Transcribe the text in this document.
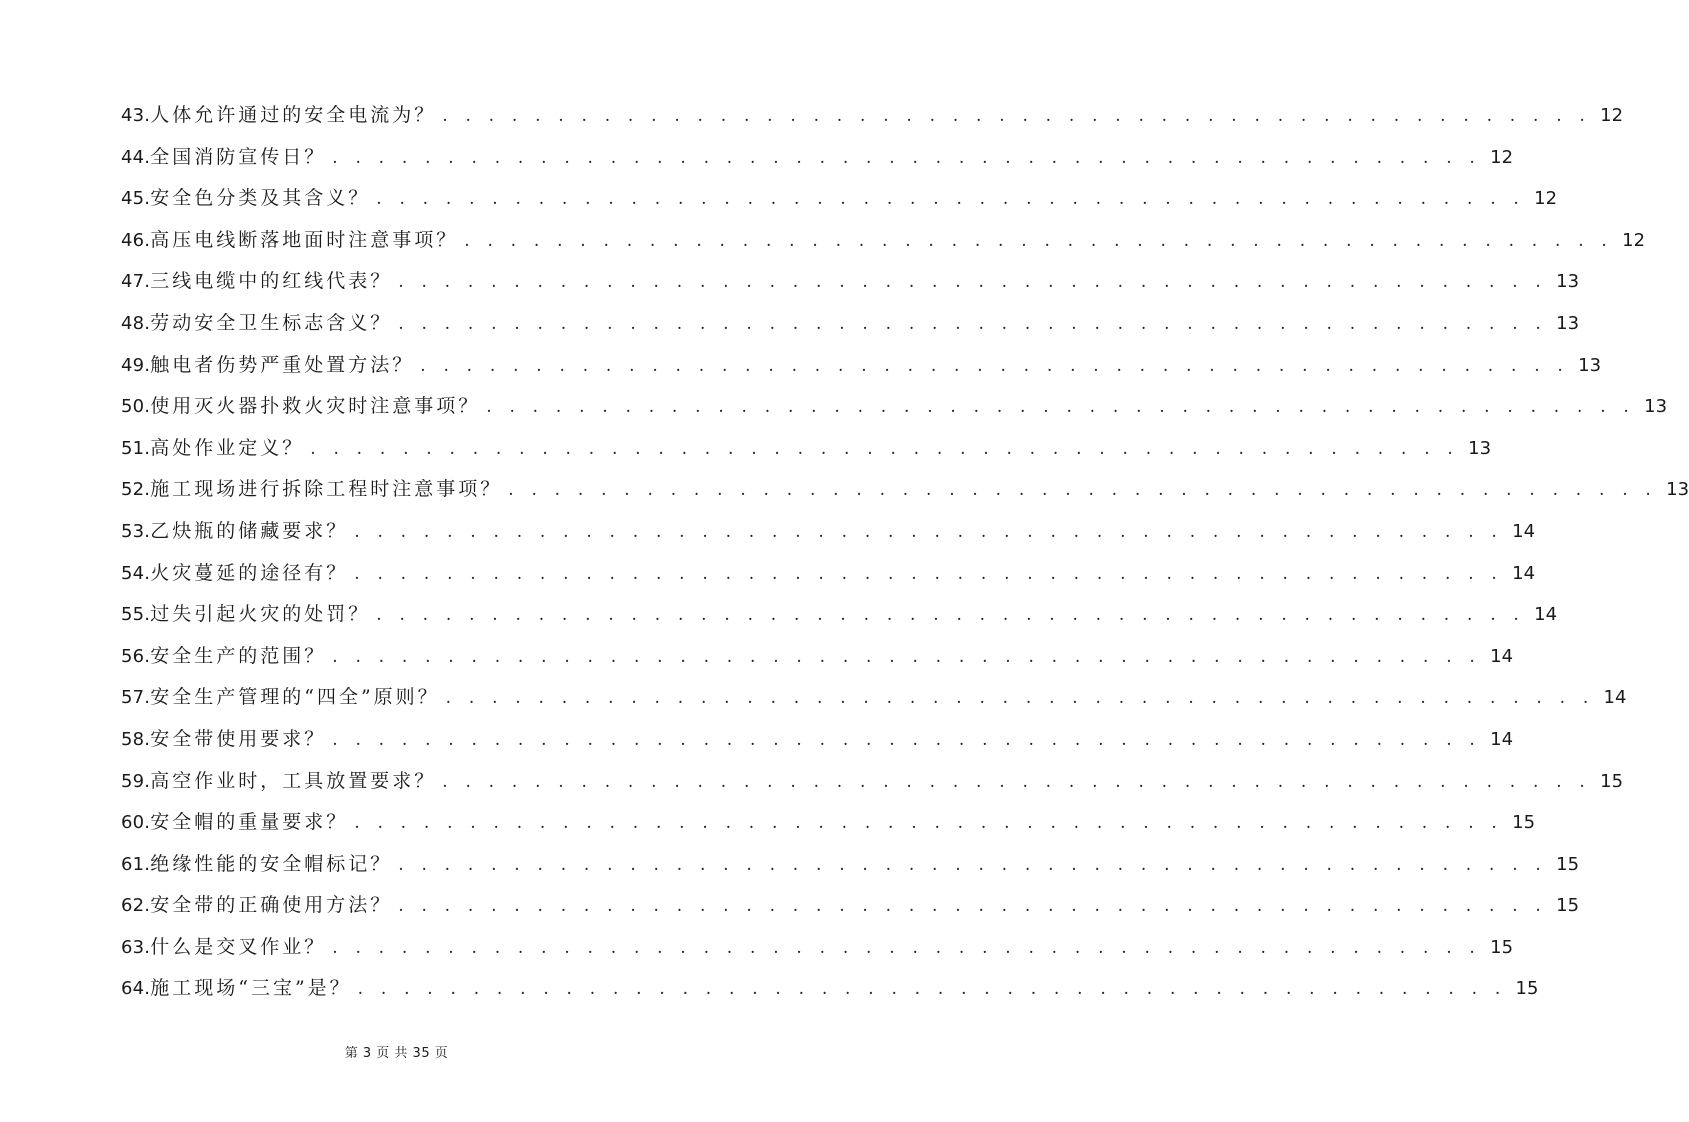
43. 人体允许通过的安全电流为？ . . . . . . . . . . . . . . . . . . . . . . . . . . . . . . . . . . . . . . . . . . . . . . . . . . 12
44. 全国消防宣传日？ . . . . . . . . . . . . . . . . . . . . . . . . . . . . . . . . . . . . . . . . . . . . . . . . . . 12
45. 安全色分类及其含义？ . . . . . . . . . . . . . . . . . . . . . . . . . . . . . . . . . . . . . . . . . . . . . . . . . . 12
46. 高压电线断落地面时注意事项？ . . . . . . . . . . . . . . . . . . . . . . . . . . . . . . . . . . . . . . . . . . . . . . . . . . 12
47. 三线电缆中的红线代表？ . . . . . . . . . . . . . . . . . . . . . . . . . . . . . . . . . . . . . . . . . . . . . . . . . . 13
48. 劳动安全卫生标志含义？ . . . . . . . . . . . . . . . . . . . . . . . . . . . . . . . . . . . . . . . . . . . . . . . . . . 13
49. 触电者伤势严重处置方法？ . . . . . . . . . . . . . . . . . . . . . . . . . . . . . . . . . . . . . . . . . . . . . . . . . . 13
50. 使用灭火器扑救火灾时注意事项？ . . . . . . . . . . . . . . . . . . . . . . . . . . . . . . . . . . . . . . . . . . . . . . . . . . 13
51. 高处作业定义？ . . . . . . . . . . . . . . . . . . . . . . . . . . . . . . . . . . . . . . . . . . . . . . . . . . 13
52. 施工现场进行拆除工程时注意事项？ . . . . . . . . . . . . . . . . . . . . . . . . . . . . . . . . . . . . . . . . . . . . . . . . . . 13
53. 乙炔瓶的储藏要求？ . . . . . . . . . . . . . . . . . . . . . . . . . . . . . . . . . . . . . . . . . . . . . . . . . . 14
54. 火灾蔓延的途径有？ . . . . . . . . . . . . . . . . . . . . . . . . . . . . . . . . . . . . . . . . . . . . . . . . . . 14
55. 过失引起火灾的处罚？ . . . . . . . . . . . . . . . . . . . . . . . . . . . . . . . . . . . . . . . . . . . . . . . . . . 14
56. 安全生产的范围？ . . . . . . . . . . . . . . . . . . . . . . . . . . . . . . . . . . . . . . . . . . . . . . . . . . 14
57. 安全生产管理的“四全”原则？ . . . . . . . . . . . . . . . . . . . . . . . . . . . . . . . . . . . . . . . . . . . . . . . . . . 14
58. 安全带使用要求？ . . . . . . . . . . . . . . . . . . . . . . . . . . . . . . . . . . . . . . . . . . . . . . . . . . 14
59. 高空作业时，工具放置要求？ . . . . . . . . . . . . . . . . . . . . . . . . . . . . . . . . . . . . . . . . . . . . . . . . . . 15
60. 安全帽的重量要求？ . . . . . . . . . . . . . . . . . . . . . . . . . . . . . . . . . . . . . . . . . . . . . . . . . . 15
61. 绝缘性能的安全帽标记？ . . . . . . . . . . . . . . . . . . . . . . . . . . . . . . . . . . . . . . . . . . . . . . . . . . 15
62. 安全带的正确使用方法？ . . . . . . . . . . . . . . . . . . . . . . . . . . . . . . . . . . . . . . . . . . . . . . . . . . 15
63. 什么是交叉作业？ . . . . . . . . . . . . . . . . . . . . . . . . . . . . . . . . . . . . . . . . . . . . . . . . . . 15
64. 施工现场“三宝”是？ . . . . . . . . . . . . . . . . . . . . . . . . . . . . . . . . . . . . . . . . . . . . . . . . . . 15
第 3 页 共 35 页
